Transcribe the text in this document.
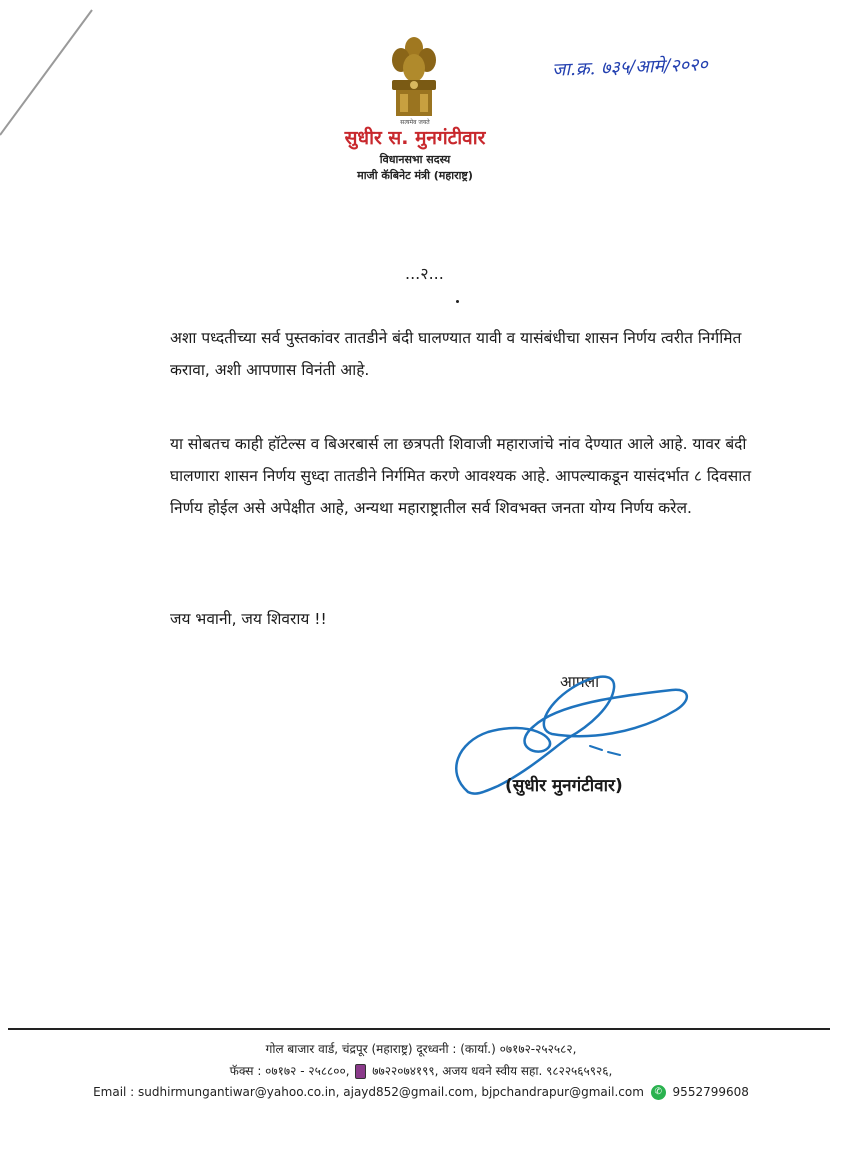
सत्यमेव जयते
सुधीर स. मुनगंटीवार
विधानसभा सदस्य
माजी कॅबिनेट मंत्री (महाराष्ट्र)
जा.क्र. ७३५/आमे/२०२०
...२...
अशा पध्दतीच्या सर्व पुस्तकांवर तातडीने बंदी घालण्यात यावी व यासंबंधीचा शासन निर्णय त्वरीत निर्गमित करावा, अशी आपणास विनंती आहे.
या सोबतच काही हॉटेल्स व बिअरबार्स ला छत्रपती शिवाजी महाराजांचे नांव देण्यात आले आहे. यावर बंदी घालणारा शासन निर्णय सुध्दा तातडीने निर्गमित करणे आवश्यक आहे. आपल्याकडून यासंदर्भात ८ दिवसात निर्णय होईल असे अपेक्षीत आहे, अन्यथा महाराष्ट्रातील सर्व शिवभक्त जनता योग्य निर्णय करेल.
जय भवानी, जय शिवराय !!
आपला
(सुधीर मुनगंटीवार)
गोल बाजार वार्ड, चंद्रपूर (महाराष्ट्र) दूरध्वनी : (कार्या.) ०७१७२-२५२५८२,
फॅक्स : ०७१७२ - २५८८००, ७७२२०७४१९९, अजय धवने स्वीय सहा. ९८२२५६५९२६,
Email : sudhirmungantiwar@yahoo.co.in, ajayd852@gmail.com, bjpchandrapur@gmail.com ✆ 9552799608
